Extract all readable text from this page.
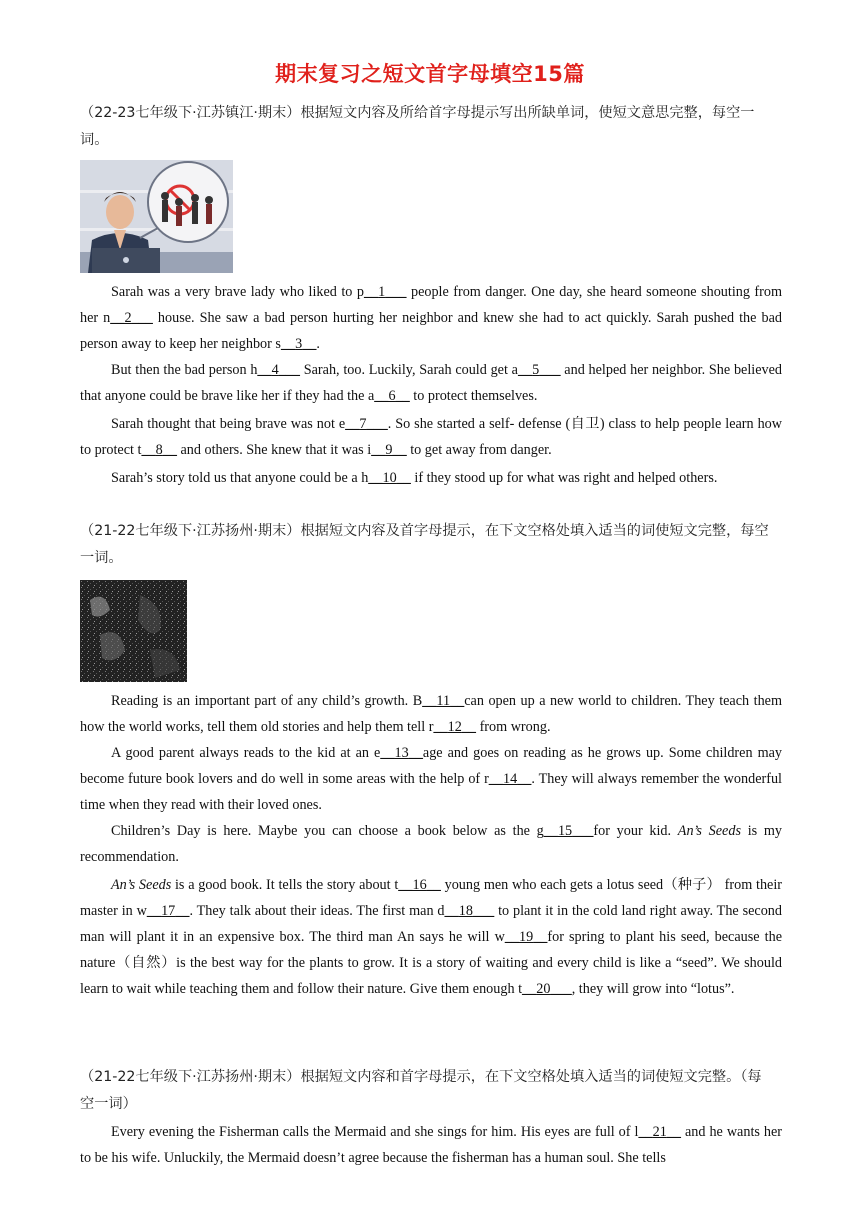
期末复习之短文首字母填空15篇
（22-23七年级下·江苏镇江·期末）根据短文内容及所给首字母提示写出所缺单词，使短文意思完整，每空一词。
Sarah was a very brave lady who liked to p__1___ people from danger. One day, she heard someone shouting from her n__2___ house. She saw a bad person hurting her neighbor and knew she had to act quickly. Sarah pushed the bad person away to keep her neighbor s__3__.
But then the bad person h__4___ Sarah, too. Luckily, Sarah could get a__5___ and helped her neighbor. She believed that anyone could be brave like her if they had the a__6__ to protect themselves.
Sarah thought that being brave was not e__7___. So she started a self- defense (自卫) class to help people learn how to protect t__8__ and others. She knew that it was i__9__ to get away from danger.
Sarah’s story told us that anyone could be a h__10__ if they stood up for what was right and helped others.
（21-22七年级下·江苏扬州·期末）根据短文内容及首字母提示，在下文空格处填入适当的词使短文完整，每空一词。
Reading is an important part of any child’s growth. B__11__can open up a new world to children. They teach them how the world works, tell them old stories and help them tell r__12__ from wrong.
A good parent always reads to the kid at an e__13__age and goes on reading as he grows up. Some children may become future book lovers and do well in some areas with the help of r__14__. They will always remember the wonderful time when they read with their loved ones.
Children’s Day is here. Maybe you can choose a book below as the g__15___for your kid. An’s Seeds is my recommendation.
An’s Seeds is a good book. It tells the story about t__16__ young men who each gets a lotus seed（种子） from their master in w__17__. They talk about their ideas. The first man d__18___ to plant it in the cold land right away. The second man will plant it in an expensive box. The third man An says he will w__19__for spring to plant his seed, because the nature（自然）is the best way for the plants to grow. It is a story of waiting and every child is like a “seed”. We should learn to wait while teaching them and follow their nature. Give them enough t__20___, they will grow into “lotus”.
（21-22七年级下·江苏扬州·期末）根据短文内容和首字母提示，在下文空格处填入适当的词使短文完整。（每空一词）
Every evening the Fisherman calls the Mermaid and she sings for him. His eyes are full of l__21__ and he wants her to be his wife. Unluckily, the Mermaid doesn’t agree because the fisherman has a human soul. She tells
